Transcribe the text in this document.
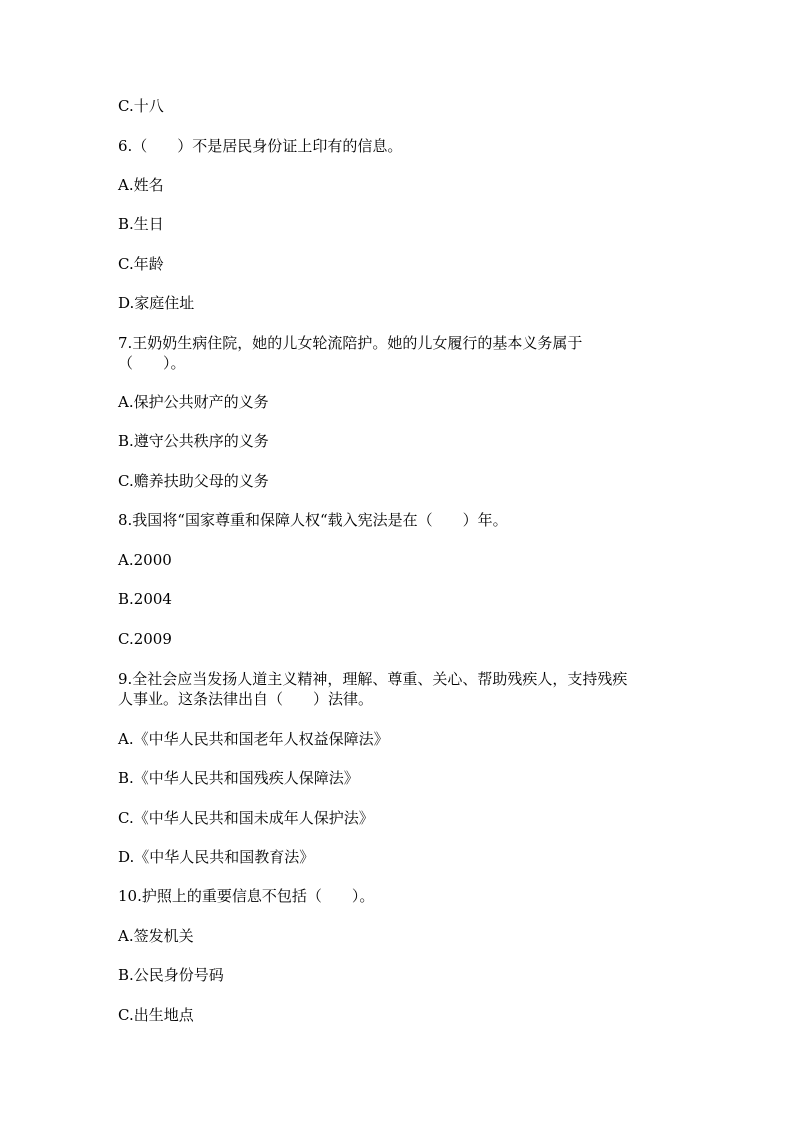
C.十八
6.（　　）不是居民身份证上印有的信息。
A.姓名
B.生日
C.年龄
D.家庭住址
7.王奶奶生病住院，她的儿女轮流陪护。她的儿女履行的基本义务属于
（　　）。
A.保护公共财产的义务
B.遵守公共秩序的义务
C.赡养扶助父母的义务
8.我国将“国家尊重和保障人权“载入宪法是在（　　）年。
A.2000
B.2004
C.2009
9.全社会应当发扬人道主义精神，理解、尊重、关心、帮助残疾人，支持残疾
人事业。这条法律出自（　　）法律。
A.《中华人民共和国老年人权益保障法》
B.《中华人民共和国残疾人保障法》
C.《中华人民共和国未成年人保护法》
D.《中华人民共和国教育法》
10.护照上的重要信息不包括（　　）。
A.签发机关
B.公民身份号码
C.出生地点
